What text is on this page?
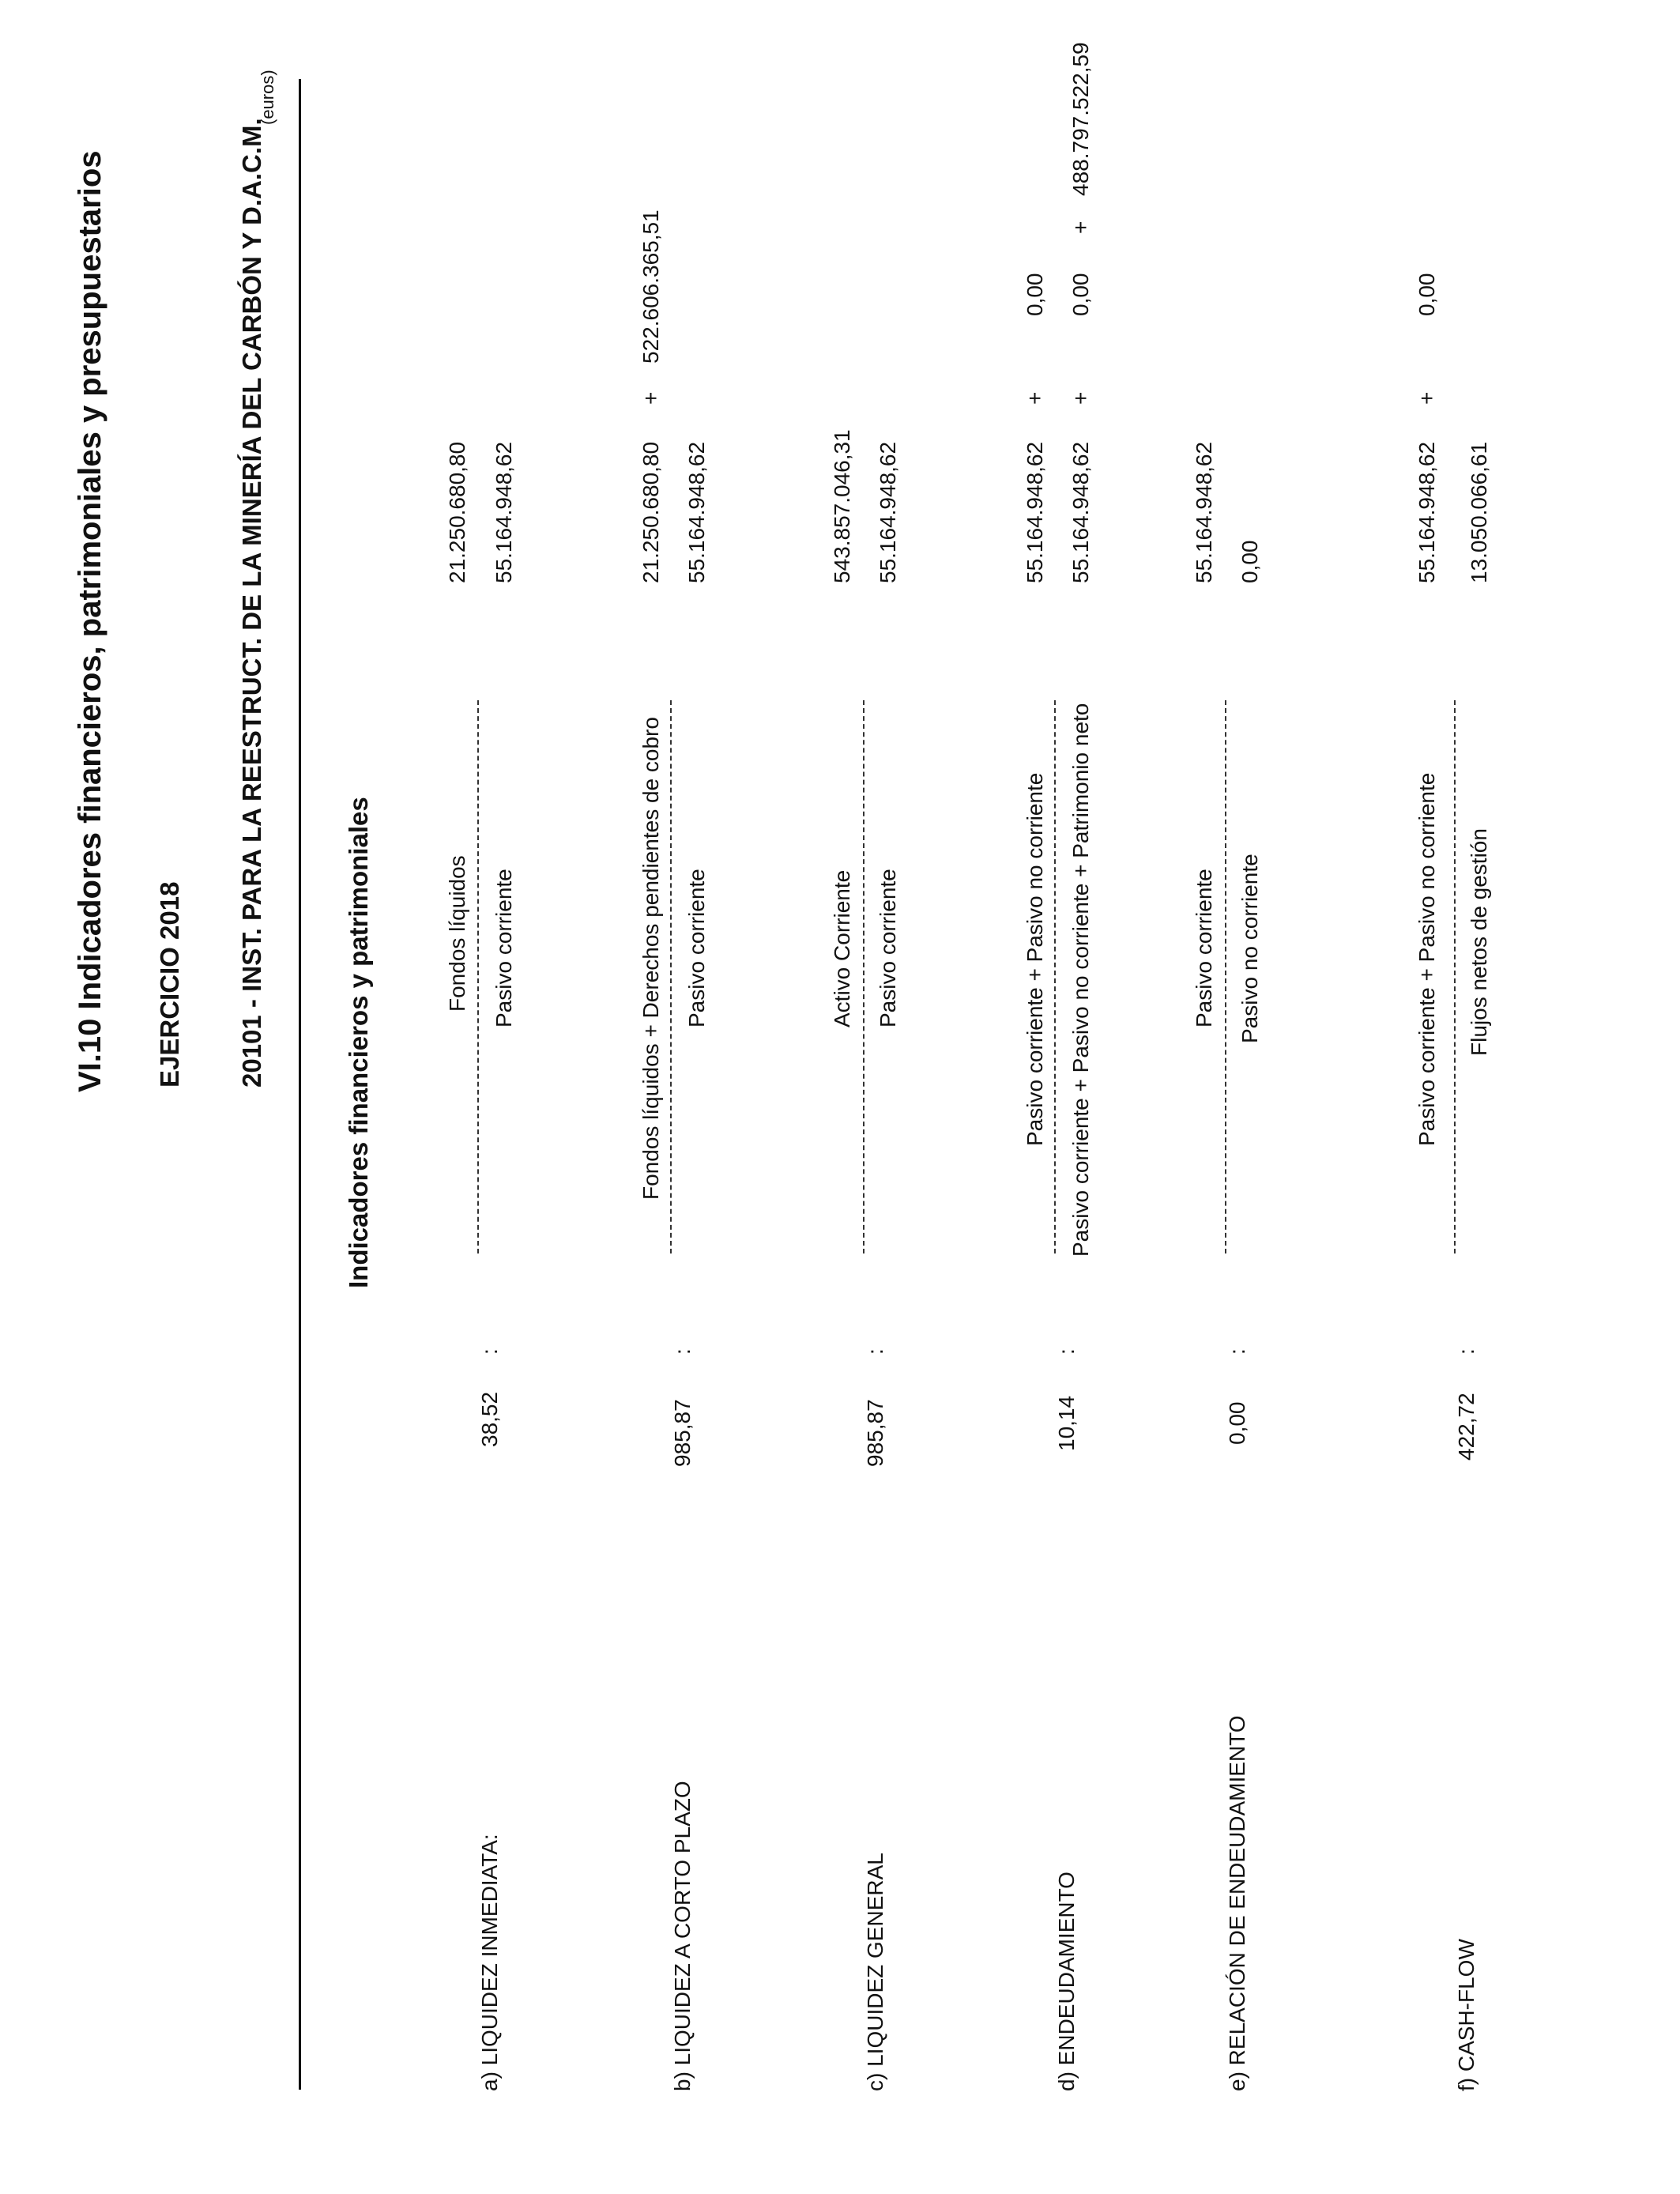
VI.10 Indicadores financieros, patrimoniales y presupuestarios EJERCICIO 2018 20101 - INST. PARA LA REESTRUCT. DE LA MINERÍA DEL CARBÓN Y D.A.C.M.
(euros)
Indicadores financieros y patrimoniales
a) LIQUIDEZ INMEDIATA:
38,52
:
Fondos líquidos Pasivo corriente
21.250.680,80 55.164.948,62
b) LIQUIDEZ A CORTO PLAZO
985,87
:
Fondos líquidos + Derechos pendientes de cobro Pasivo corriente
21.250.680,80
+
522.606.365,51
55.164.948,62
c) LIQUIDEZ GENERAL
985,87
:
Activo Corriente Pasivo corriente
543.857.046,31 55.164.948,62
d) ENDEUDAMIENTO
10,14
:
Pasivo corriente + Pasivo no corriente Pasivo corriente + Pasivo no corriente + Patrimonio neto
55.164.948,62
+
0,00
55.164.948,62
+
0,00
+
488.797.522,59
e) RELACIÓN DE ENDEUDAMIENTO
0,00
:
Pasivo corriente Pasivo no corriente
55.164.948,62 0,00
f) CASH-FLOW
422,72
:
Pasivo corriente + Pasivo no corriente Flujos netos de gestión
55.164.948,62
+
0,00
13.050.066,61
